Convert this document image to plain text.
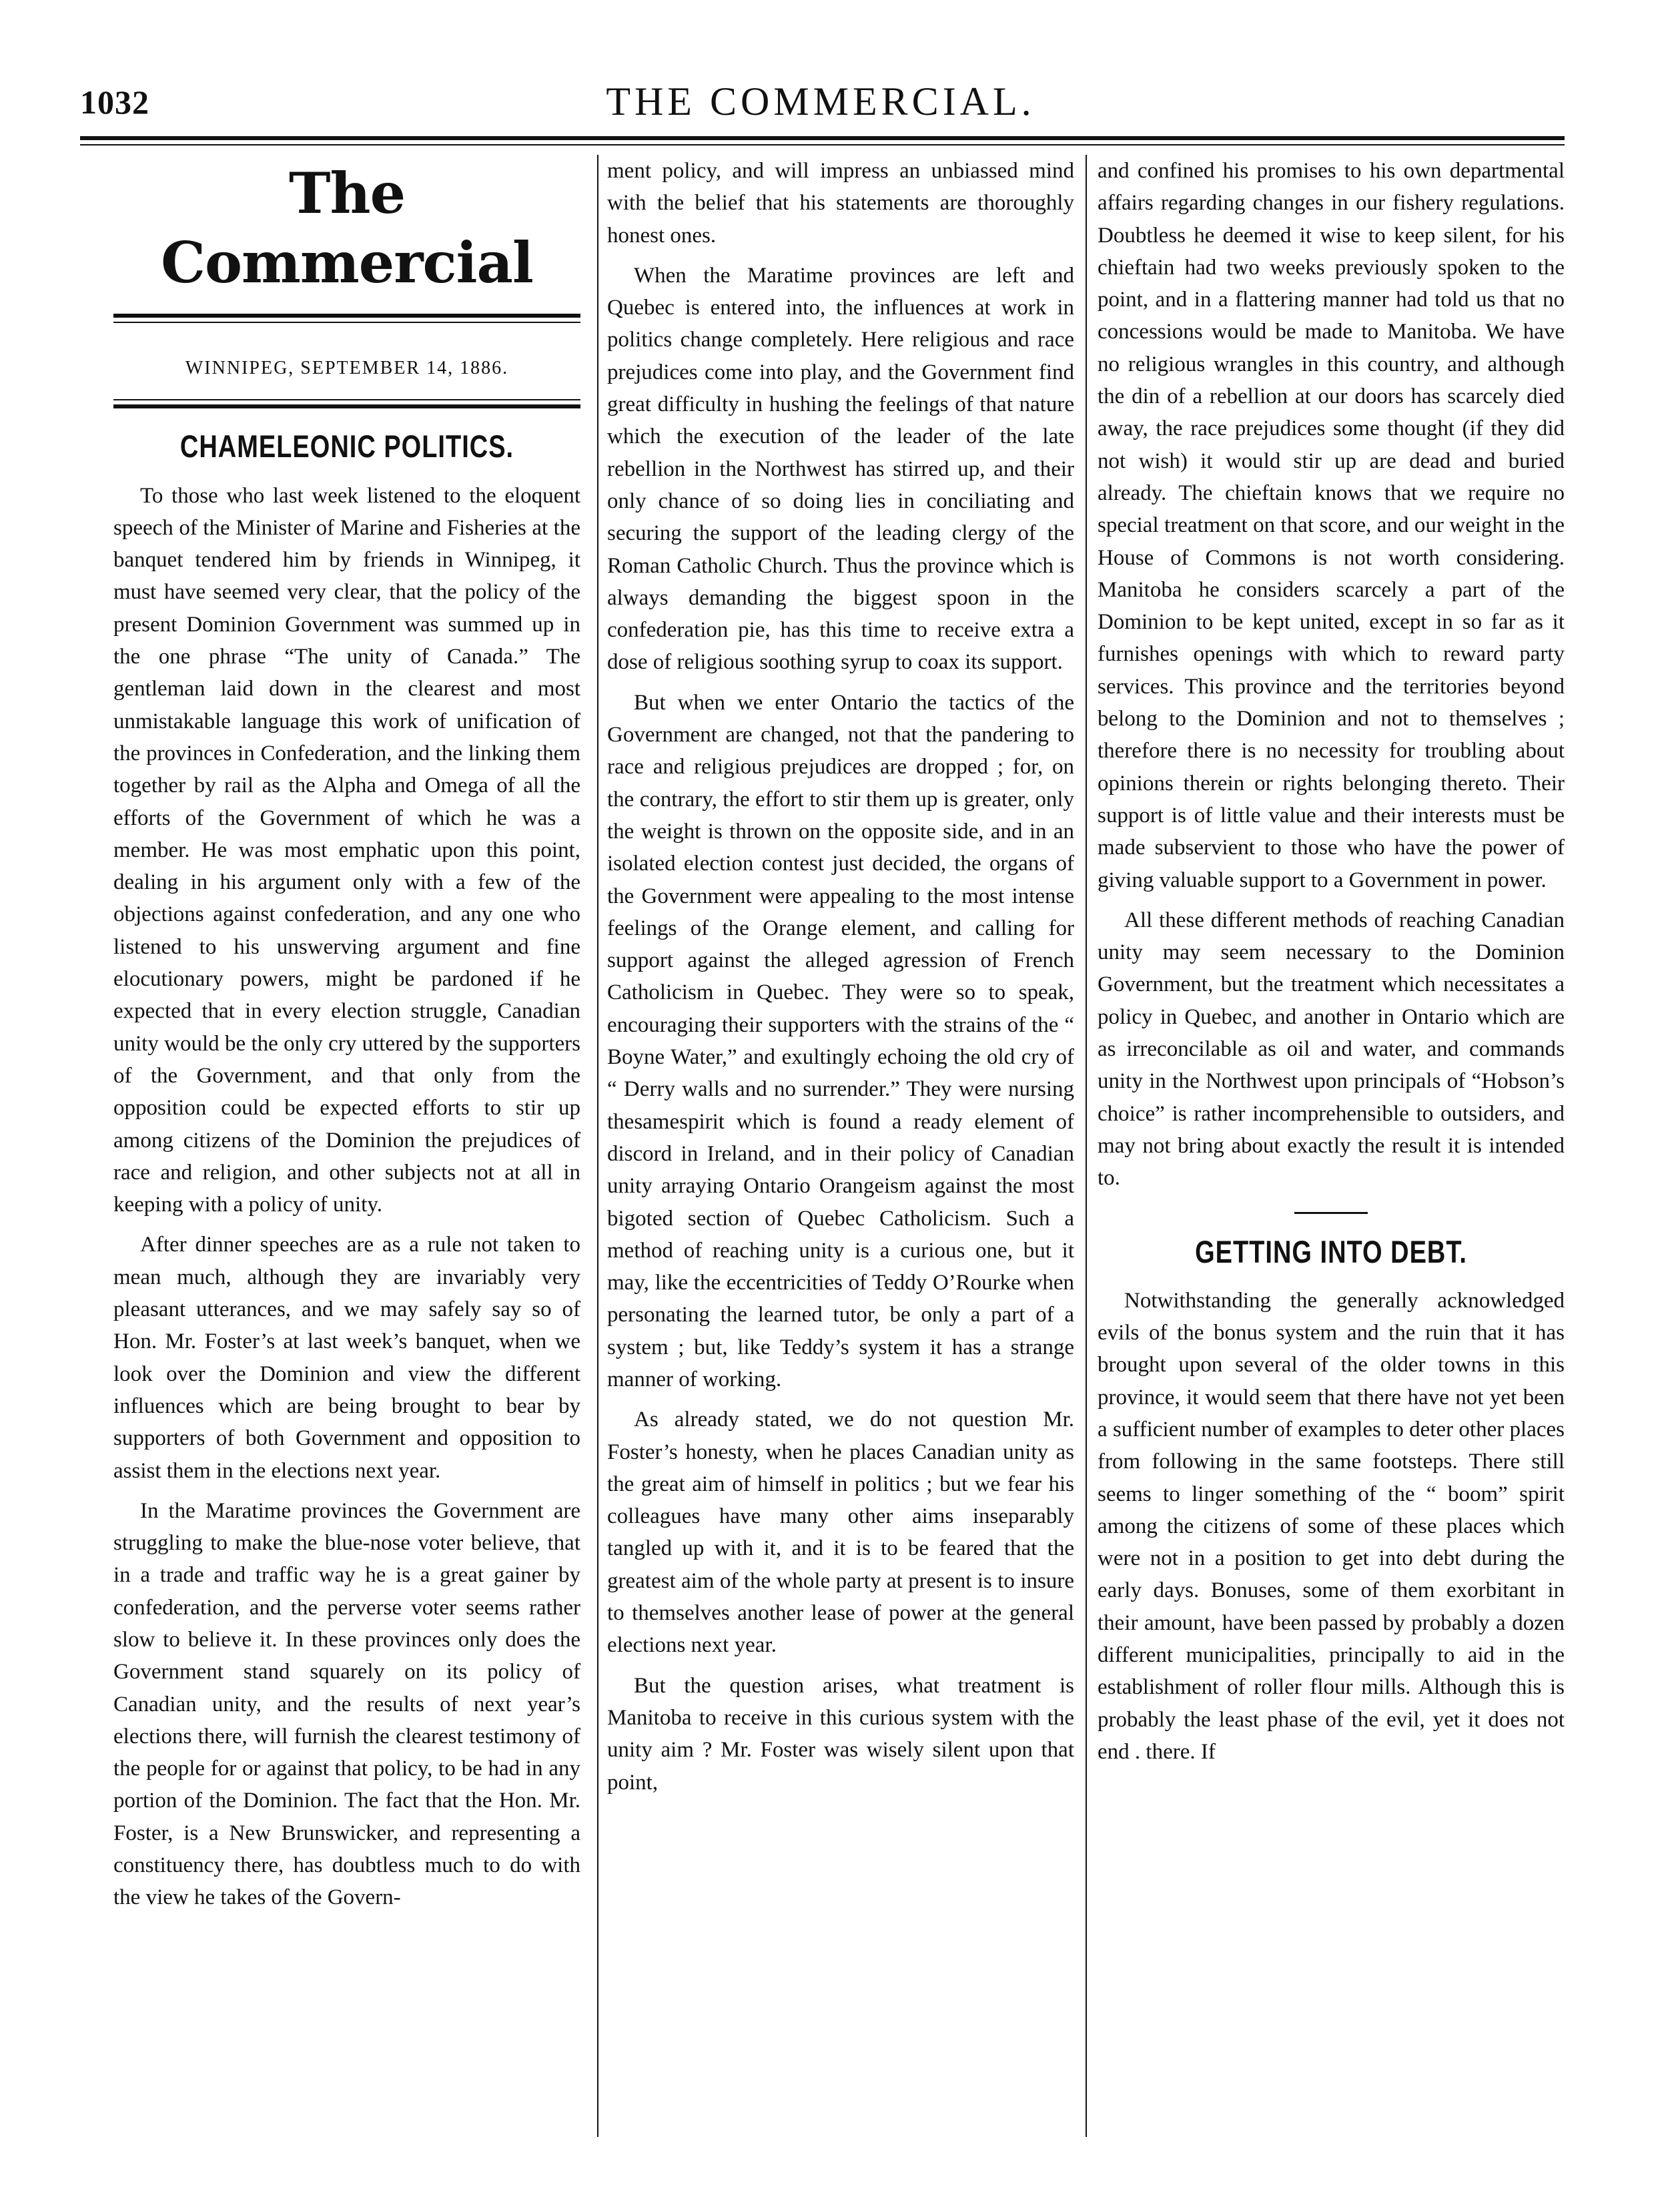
1032	THE COMMERCIAL.
The Commercial
WINNIPEG, SEPTEMBER 14, 1886.
CHAMELEONIC POLITICS.

To those who last week listened to the eloquent speech of the Minister of Marine and Fisheries at the banquet tendered him by friends in Winnipeg, it must have seemed very clear, that the policy of the present Dominion Government was summed up in the one phrase “The unity of Canada.” The gentleman laid down in the clearest and most unmistakable language this work of unification of the provinces in Confederation, and the linking them together by rail as the Alpha and Omega of all the efforts of the Government of which he was a member. He was most emphatic upon this point, dealing in his argument only with a few of the objections against confederation, and any one who listened to his unswerving argument and fine elocutionary powers, might be pardoned if he expected that in every election struggle, Canadian unity would be the only cry uttered by the supporters of the Government, and that only from the opposition could be expected efforts to stir up among citizens of the Dominion the prejudices of race and religion, and other subjects not at all in keeping with a policy of unity.

After dinner speeches are as a rule not taken to mean much, although they are invariably very pleasant utterances, and we may safely say so of Hon. Mr. Foster’s at last week’s banquet, when we look over the Dominion and view the different influences which are being brought to bear by supporters of both Government and opposition to assist them in the elections next year.

In the Maratime provinces the Government are struggling to make the blue-nose voter believe, that in a trade and traffic way he is a great gainer by confederation, and the perverse voter seems rather slow to believe it. In these provinces only does the Government stand squarely on its policy of Canadian unity, and the results of next year’s elections there, will furnish the clearest testimony of the people for or against that policy, to be had in any portion of the Dominion. The fact that the Hon. Mr. Foster, is a New Brunswicker, and representing a constituency there, has doubtless much to do with the view he takes of the Govern-

ment policy, and will impress an unbiassed mind with the belief that his statements are thoroughly honest ones.

When the Maratime provinces are left and Quebec is entered into, the influences at work in politics change completely. Here religious and race prejudices come into play, and the Government find great difficulty in hushing the feelings of that nature which the execution of the leader of the late rebellion in the Northwest has stirred up, and their only chance of so doing lies in conciliating and securing the support of the leading clergy of the Roman Catholic Church. Thus the province which is always demanding the biggest spoon in the confederation pie, has this time to receive extra a dose of religious soothing syrup to coax its support.

But when we enter Ontario the tactics of the Government are changed, not that the pandering to race and religious prejudices are dropped ; for, on the contrary, the effort to stir them up is greater, only the weight is thrown on the opposite side, and in an isolated election contest just decided, the organs of the Government were appealing to the most intense feelings of the Orange element, and calling for support against the alleged agression of French Catholicism in Quebec. They were so to speak, encouraging their supporters with the strains of the “ Boyne Water,” and exultingly echoing the old cry of “ Derry walls and no surrender.” They were nursing thesamespirit which is found a ready element of discord in Ireland, and in their policy of Canadian unity arraying Ontario Orangeism against the most bigoted section of Quebec Catholicism. Such a method of reaching unity is a curious one, but it may, like the eccentricities of Teddy O’Rourke when personating the learned tutor, be only a part of a system ; but, like Teddy’s system it has a strange manner of working.

As already stated, we do not question Mr. Foster’s honesty, when he places Canadian unity as the great aim of himself in politics ; but we fear his colleagues have many other aims inseparably tangled up with it, and it is to be feared that the greatest aim of the whole party at present is to insure to themselves another lease of power at the general elections next year.

But the question arises, what treatment is Manitoba to receive in this curious system with the unity aim ? Mr. Foster was wisely silent upon that point,

and confined his promises to his own departmental affairs regarding changes in our fishery regulations. Doubtless he deemed it wise to keep silent, for his chieftain had two weeks previously spoken to the point, and in a flattering manner had told us that no concessions would be made to Manitoba. We have no religious wrangles in this country, and although the din of a rebellion at our doors has scarcely died away, the race prejudices some thought (if they did not wish) it would stir up are dead and buried already. The chieftain knows that we require no special treatment on that score, and our weight in the House of Commons is not worth considering. Manitoba he considers scarcely a part of the Dominion to be kept united, except in so far as it furnishes openings with which to reward party services. This province and the territories beyond belong to the Dominion and not to themselves ; therefore there is no necessity for troubling about opinions therein or rights belonging thereto. Their support is of little value and their interests must be made subservient to those who have the power of giving valuable support to a Government in power.

All these different methods of reaching Canadian unity may seem necessary to the Dominion Government, but the treatment which necessitates a policy in Quebec, and another in Ontario which are as irreconcilable as oil and water, and commands unity in the Northwest upon principals of “Hobson’s choice” is rather incomprehensible to outsiders, and may not bring about exactly the result it is intended to.

GETTING INTO DEBT.

Notwithstanding the generally acknowledged evils of the bonus system and the ruin that it has brought upon several of the older towns in this province, it would seem that there have not yet been a sufficient number of examples to deter other places from following in the same footsteps. There still seems to linger something of the “ boom” spirit among the citizens of some of these places which were not in a position to get into debt during the early days. Bonuses, some of them exorbitant in their amount, have been passed by probably a dozen different municipalities, principally to aid in the establishment of roller flour mills. Although this is probably the least phase of the evil, yet it does not end . there. If
